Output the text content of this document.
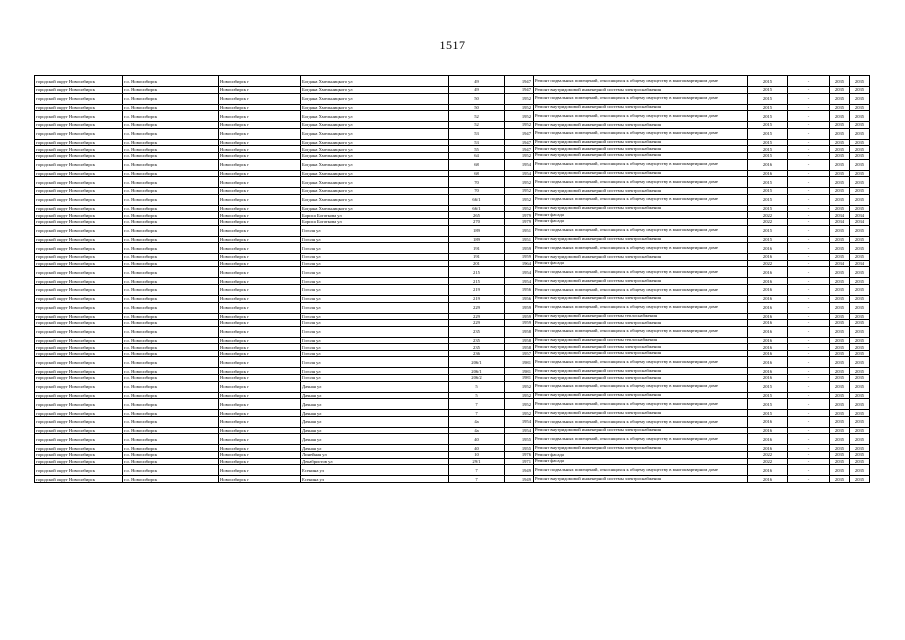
1517
городской округ Новосибирск	г.о. Новосибирск	Новосибирск г	Богдана Хмельницкого ул	49	1947	Ремонт подвальных помещений, относящихся к общему имуществу в многоквартирном доме	2015	-	2035	2035
городской округ Новосибирск	г.о. Новосибирск	Новосибирск г	Богдана Хмельницкого ул	49	1947	Ремонт внутридомовой инженерной системы электроснабжения	2015	-	2035	2035
городской округ Новосибирск	г.о. Новосибирск	Новосибирск г	Богдана Хмельницкого ул	50	1952	Ремонт подвальных помещений, относящихся к общему имуществу в многоквартирном доме	2015	-	2035	2035
городской округ Новосибирск	г.о. Новосибирск	Новосибирск г	Богдана Хмельницкого ул	50	1952	Ремонт внутридомовой инженерной системы электроснабжения	2015	-	2035	2035
городской округ Новосибирск	г.о. Новосибирск	Новосибирск г	Богдана Хмельницкого ул	52	1952	Ремонт подвальных помещений, относящихся к общему имуществу в многоквартирном доме	2015	-	2035	2035
городской округ Новосибирск	г.о. Новосибирск	Новосибирск г	Богдана Хмельницкого ул	52	1952	Ремонт внутридомовой инженерной системы электроснабжения	2015	-	2035	2035
городской округ Новосибирск	г.о. Новосибирск	Новосибирск г	Богдана Хмельницкого ул	53	1947	Ремонт подвальных помещений, относящихся к общему имуществу в многоквартирном доме	2015	-	2035	2035
городской округ Новосибирск	г.о. Новосибирск	Новосибирск г	Богдана Хмельницкого ул	53	1947	Ремонт внутридомовой инженерной системы электроснабжения	2015	-	2035	2035
городской округ Новосибирск	г.о. Новосибирск	Новосибирск г	Богдана Хмельницкого ул	55	1947	Ремонт внутридомовой инженерной системы электроснабжения	2015	-	2035	2035
городской округ Новосибирск	г.о. Новосибирск	Новосибирск г	Богдана Хмельницкого ул	64	1952	Ремонт внутридомовой инженерной системы электроснабжения	2015	-	2035	2035
городской округ Новосибирск	г.о. Новосибирск	Новосибирск г	Богдана Хмельницкого ул	68	1954	Ремонт подвальных помещений, относящихся к общему имуществу в многоквартирном доме	2016	-	2035	2035
городской округ Новосибирск	г.о. Новосибирск	Новосибирск г	Богдана Хмельницкого ул	68	1954	Ремонт внутридомовой инженерной системы электроснабжения	2016	-	2035	2035
городской округ Новосибирск	г.о. Новосибирск	Новосибирск г	Богдана Хмельницкого ул	70	1952	Ремонт подвальных помещений, относящихся к общему имуществу в многоквартирном доме	2015	-	2035	2035
городской округ Новосибирск	г.о. Новосибирск	Новосибирск г	Богдана Хмельницкого ул	70	1952	Ремонт внутридомовой инженерной системы электроснабжения	2015	-	2035	2035
городской округ Новосибирск	г.о. Новосибирск	Новосибирск г	Богдана Хмельницкого ул	66/1	1952	Ремонт подвальных помещений, относящихся к общему имуществу в многоквартирном доме	2015	-	2035	2035
городской округ Новосибирск	г.о. Новосибирск	Новосибирск г	Богдана Хмельницкого ул	66/1	1952	Ремонт внутридомовой инженерной системы электроснабжения	2015	-	2035	2035
городской округ Новосибирск	г.о. Новосибирск	Новосибирск г	Бориса Богаткова ул	265	1979	Ремонт фасада	2022	-	2034	2034
городской округ Новосибирск	г.о. Новосибирск	Новосибирск г	Бориса Богаткова ул	270	1979	Ремонт фасада	2022	-	2034	2034
городской округ Новосибирск	г.о. Новосибирск	Новосибирск г	Гоголя ул	189	1951	Ремонт подвальных помещений, относящихся к общему имуществу в многоквартирном доме	2015	-	2035	2035
городской округ Новосибирск	г.о. Новосибирск	Новосибирск г	Гоголя ул	189	1951	Ремонт внутридомовой инженерной системы электроснабжения	2015	-	2035	2035
городской округ Новосибирск	г.о. Новосибирск	Новосибирск г	Гоголя ул	191	1959	Ремонт подвальных помещений, относящихся к общему имуществу в многоквартирном доме	2016	-	2035	2035
городской округ Новосибирск	г.о. Новосибирск	Новосибирск г	Гоголя ул	191	1959	Ремонт внутридомовой инженерной системы электроснабжения	2016	-	2035	2035
городской округ Новосибирск	г.о. Новосибирск	Новосибирск г	Гоголя ул	201	1964	Ремонт фасада	2022	-	2034	2034
городской округ Новосибирск	г.о. Новосибирск	Новосибирск г	Гоголя ул	215	1954	Ремонт подвальных помещений, относящихся к общему имуществу в многоквартирном доме	2016	-	2035	2035
городской округ Новосибирск	г.о. Новосибирск	Новосибирск г	Гоголя ул	215	1954	Ремонт внутридомовой инженерной системы электроснабжения	2016	-	2035	2035
городской округ Новосибирск	г.о. Новосибирск	Новосибирск г	Гоголя ул	219	1956	Ремонт подвальных помещений, относящихся к общему имуществу в многоквартирном доме	2016	-	2035	2035
городской округ Новосибирск	г.о. Новосибирск	Новосибирск г	Гоголя ул	219	1956	Ремонт внутридомовой инженерной системы электроснабжения	2016	-	2035	2035
городской округ Новосибирск	г.о. Новосибирск	Новосибирск г	Гоголя ул	229	1959	Ремонт подвальных помещений, относящихся к общему имуществу в многоквартирном доме	2016	-	2035	2035
городской округ Новосибирск	г.о. Новосибирск	Новосибирск г	Гоголя ул	229	1959	Ремонт внутридомовой инженерной системы теплоснабжения	2016	-	2035	2035
городской округ Новосибирск	г.о. Новосибирск	Новосибирск г	Гоголя ул	229	1959	Ремонт внутридомовой инженерной системы электроснабжения	2016	-	2035	2035
городской округ Новосибирск	г.о. Новосибирск	Новосибирск г	Гоголя ул	235	1958	Ремонт подвальных помещений, относящихся к общему имуществу в многоквартирном доме	2016	-	2035	2035
городской округ Новосибирск	г.о. Новосибирск	Новосибирск г	Гоголя ул	235	1958	Ремонт внутридомовой инженерной системы теплоснабжения	2016	-	2035	2035
городской округ Новосибирск	г.о. Новосибирск	Новосибирск г	Гоголя ул	235	1958	Ремонт внутридомовой инженерной системы электроснабжения	2016	-	2035	2035
городской округ Новосибирск	г.о. Новосибирск	Новосибирск г	Гоголя ул	236	1957	Ремонт внутридомовой инженерной системы электроснабжения	2016	-	2035	2035
городской округ Новосибирск	г.о. Новосибирск	Новосибирск г	Гоголя ул	206/1	1981	Ремонт подвальных помещений, относящихся к общему имуществу в многоквартирном доме	2016	-	2035	2035
городской округ Новосибирск	г.о. Новосибирск	Новосибирск г	Гоголя ул	206/1	1981	Ремонт внутридомовой инженерной системы электроснабжения	2016	-	2035	2035
городской округ Новосибирск	г.о. Новосибирск	Новосибирск г	Гоголя ул	206/2	1981	Ремонт внутридомовой инженерной системы электроснабжения	2016	-	2035	2035
городской округ Новосибирск	г.о. Новосибирск	Новосибирск г	Дачная ул	5	1952	Ремонт подвальных помещений, относящихся к общему имуществу в многоквартирном доме	2015	-	2035	2035
городской округ Новосибирск	г.о. Новосибирск	Новосибирск г	Дачная ул	5	1952	Ремонт внутридомовой инженерной системы электроснабжения	2015	-	2035	2035
городской округ Новосибирск	г.о. Новосибирск	Новосибирск г	Дачная ул	7	1952	Ремонт подвальных помещений, относящихся к общему имуществу в многоквартирном доме	2015	-	2035	2035
городской округ Новосибирск	г.о. Новосибирск	Новосибирск г	Дачная ул	7	1952	Ремонт внутридомовой инженерной системы электроснабжения	2015	-	2035	2035
городской округ Новосибирск	г.о. Новосибирск	Новосибирск г	Дачная ул	4а	1954	Ремонт подвальных помещений, относящихся к общему имуществу в многоквартирном доме	2016	-	2035	2035
городской округ Новосибирск	г.о. Новосибирск	Новосибирск г	Дачная ул	4а	1954	Ремонт внутридомовой инженерной системы электроснабжения	2016	-	2035	2035
городской округ Новосибирск	г.о. Новосибирск	Новосибирск г	Дачная ул	40	1955	Ремонт подвальных помещений, относящихся к общему имуществу в многоквартирном доме	2016	-	2035	2035
городской округ Новосибирск	г.о. Новосибирск	Новосибирск г	Дачная ул	40	1955	Ремонт внутридомовой инженерной системы электроснабжения	2016	-	2035	2035
городской округ Новосибирск	г.о. Новосибирск	Новосибирск г	Линейная ул	10	1976	Ремонт фасада	2022	-	2035	2035
городской округ Новосибирск	г.о. Новосибирск	Новосибирск г	Декабристов ул	29/1	1971	Ремонт фасада	2022	-	2035	2035
городской округ Новосибирск	г.о. Новосибирск	Новосибирск г	Есенина ул	7	1949	Ремонт подвальных помещений, относящихся к общему имуществу в многоквартирном доме	2016	-	2035	2035
городской округ Новосибирск	г.о. Новосибирск	Новосибирск г	Есенина ул	7	1949	Ремонт внутридомовой инженерной системы электроснабжения	2016	-	2035	2035
